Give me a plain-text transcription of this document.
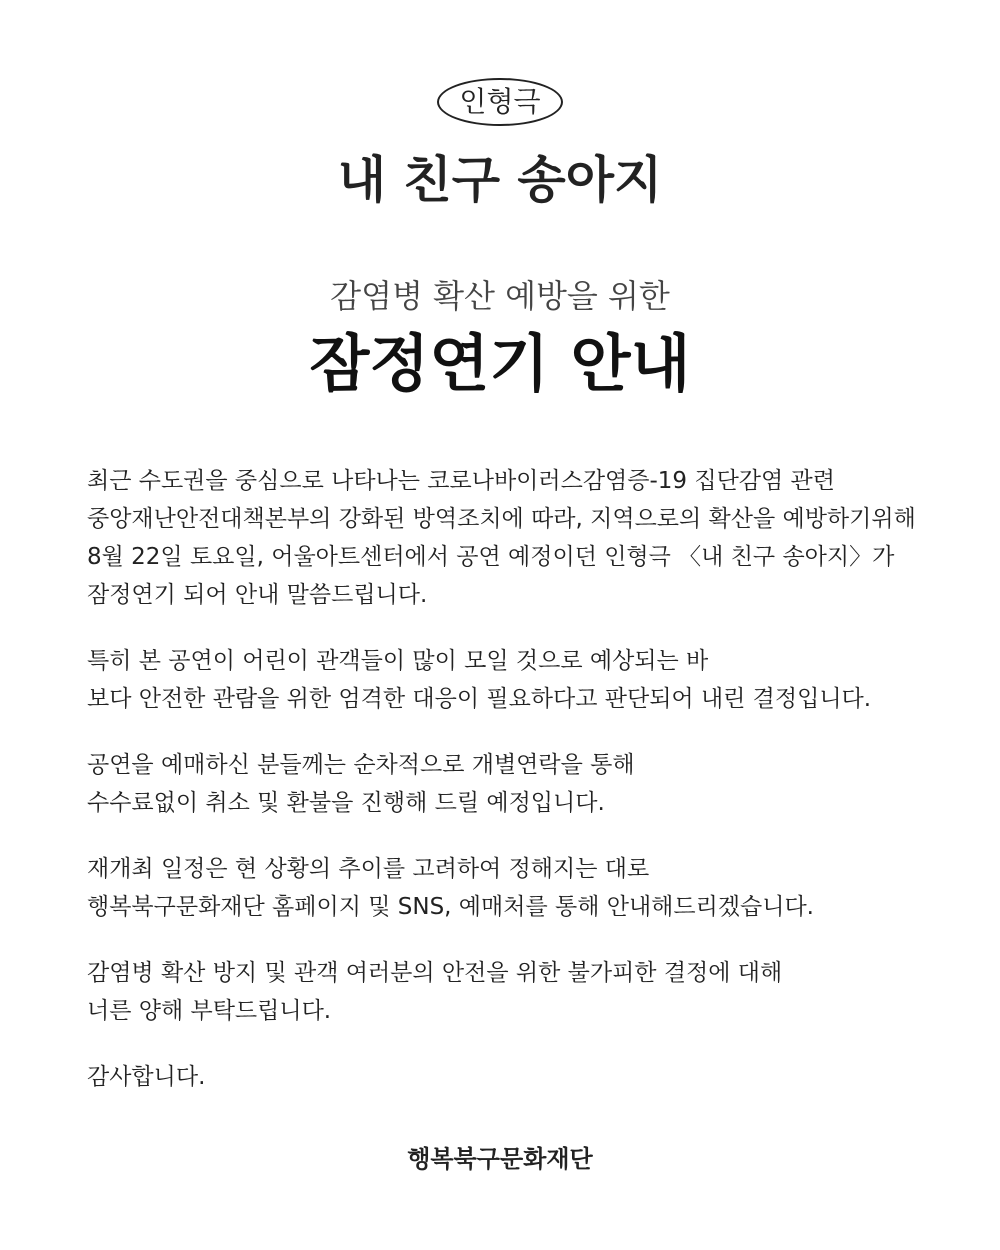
인형극
내 친구 송아지
감염병 확산 예방을 위한
잠정연기 안내

최근 수도권을 중심으로 나타나는 코로나바이러스감염증-19 집단감염 관련
중앙재난안전대책본부의 강화된 방역조치에 따라, 지역으로의 확산을 예방하기위해
8월 22일 토요일, 어울아트센터에서 공연 예정이던 인형극 〈내 친구 송아지〉가
잠정연기 되어 안내 말씀드립니다.

특히 본 공연이 어린이 관객들이 많이 모일 것으로 예상되는 바
보다 안전한 관람을 위한 엄격한 대응이 필요하다고 판단되어 내린 결정입니다.

공연을 예매하신 분들께는 순차적으로 개별연락을 통해
수수료없이 취소 및 환불을 진행해 드릴 예정입니다.

재개최 일정은 현 상황의 추이를 고려하여 정해지는 대로
행복북구문화재단 홈페이지 및 SNS, 예매처를 통해 안내해드리겠습니다.

감염병 확산 방지 및 관객 여러분의 안전을 위한 불가피한 결정에 대해
너른 양해 부탁드립니다.

감사합니다.

행복북구문화재단
